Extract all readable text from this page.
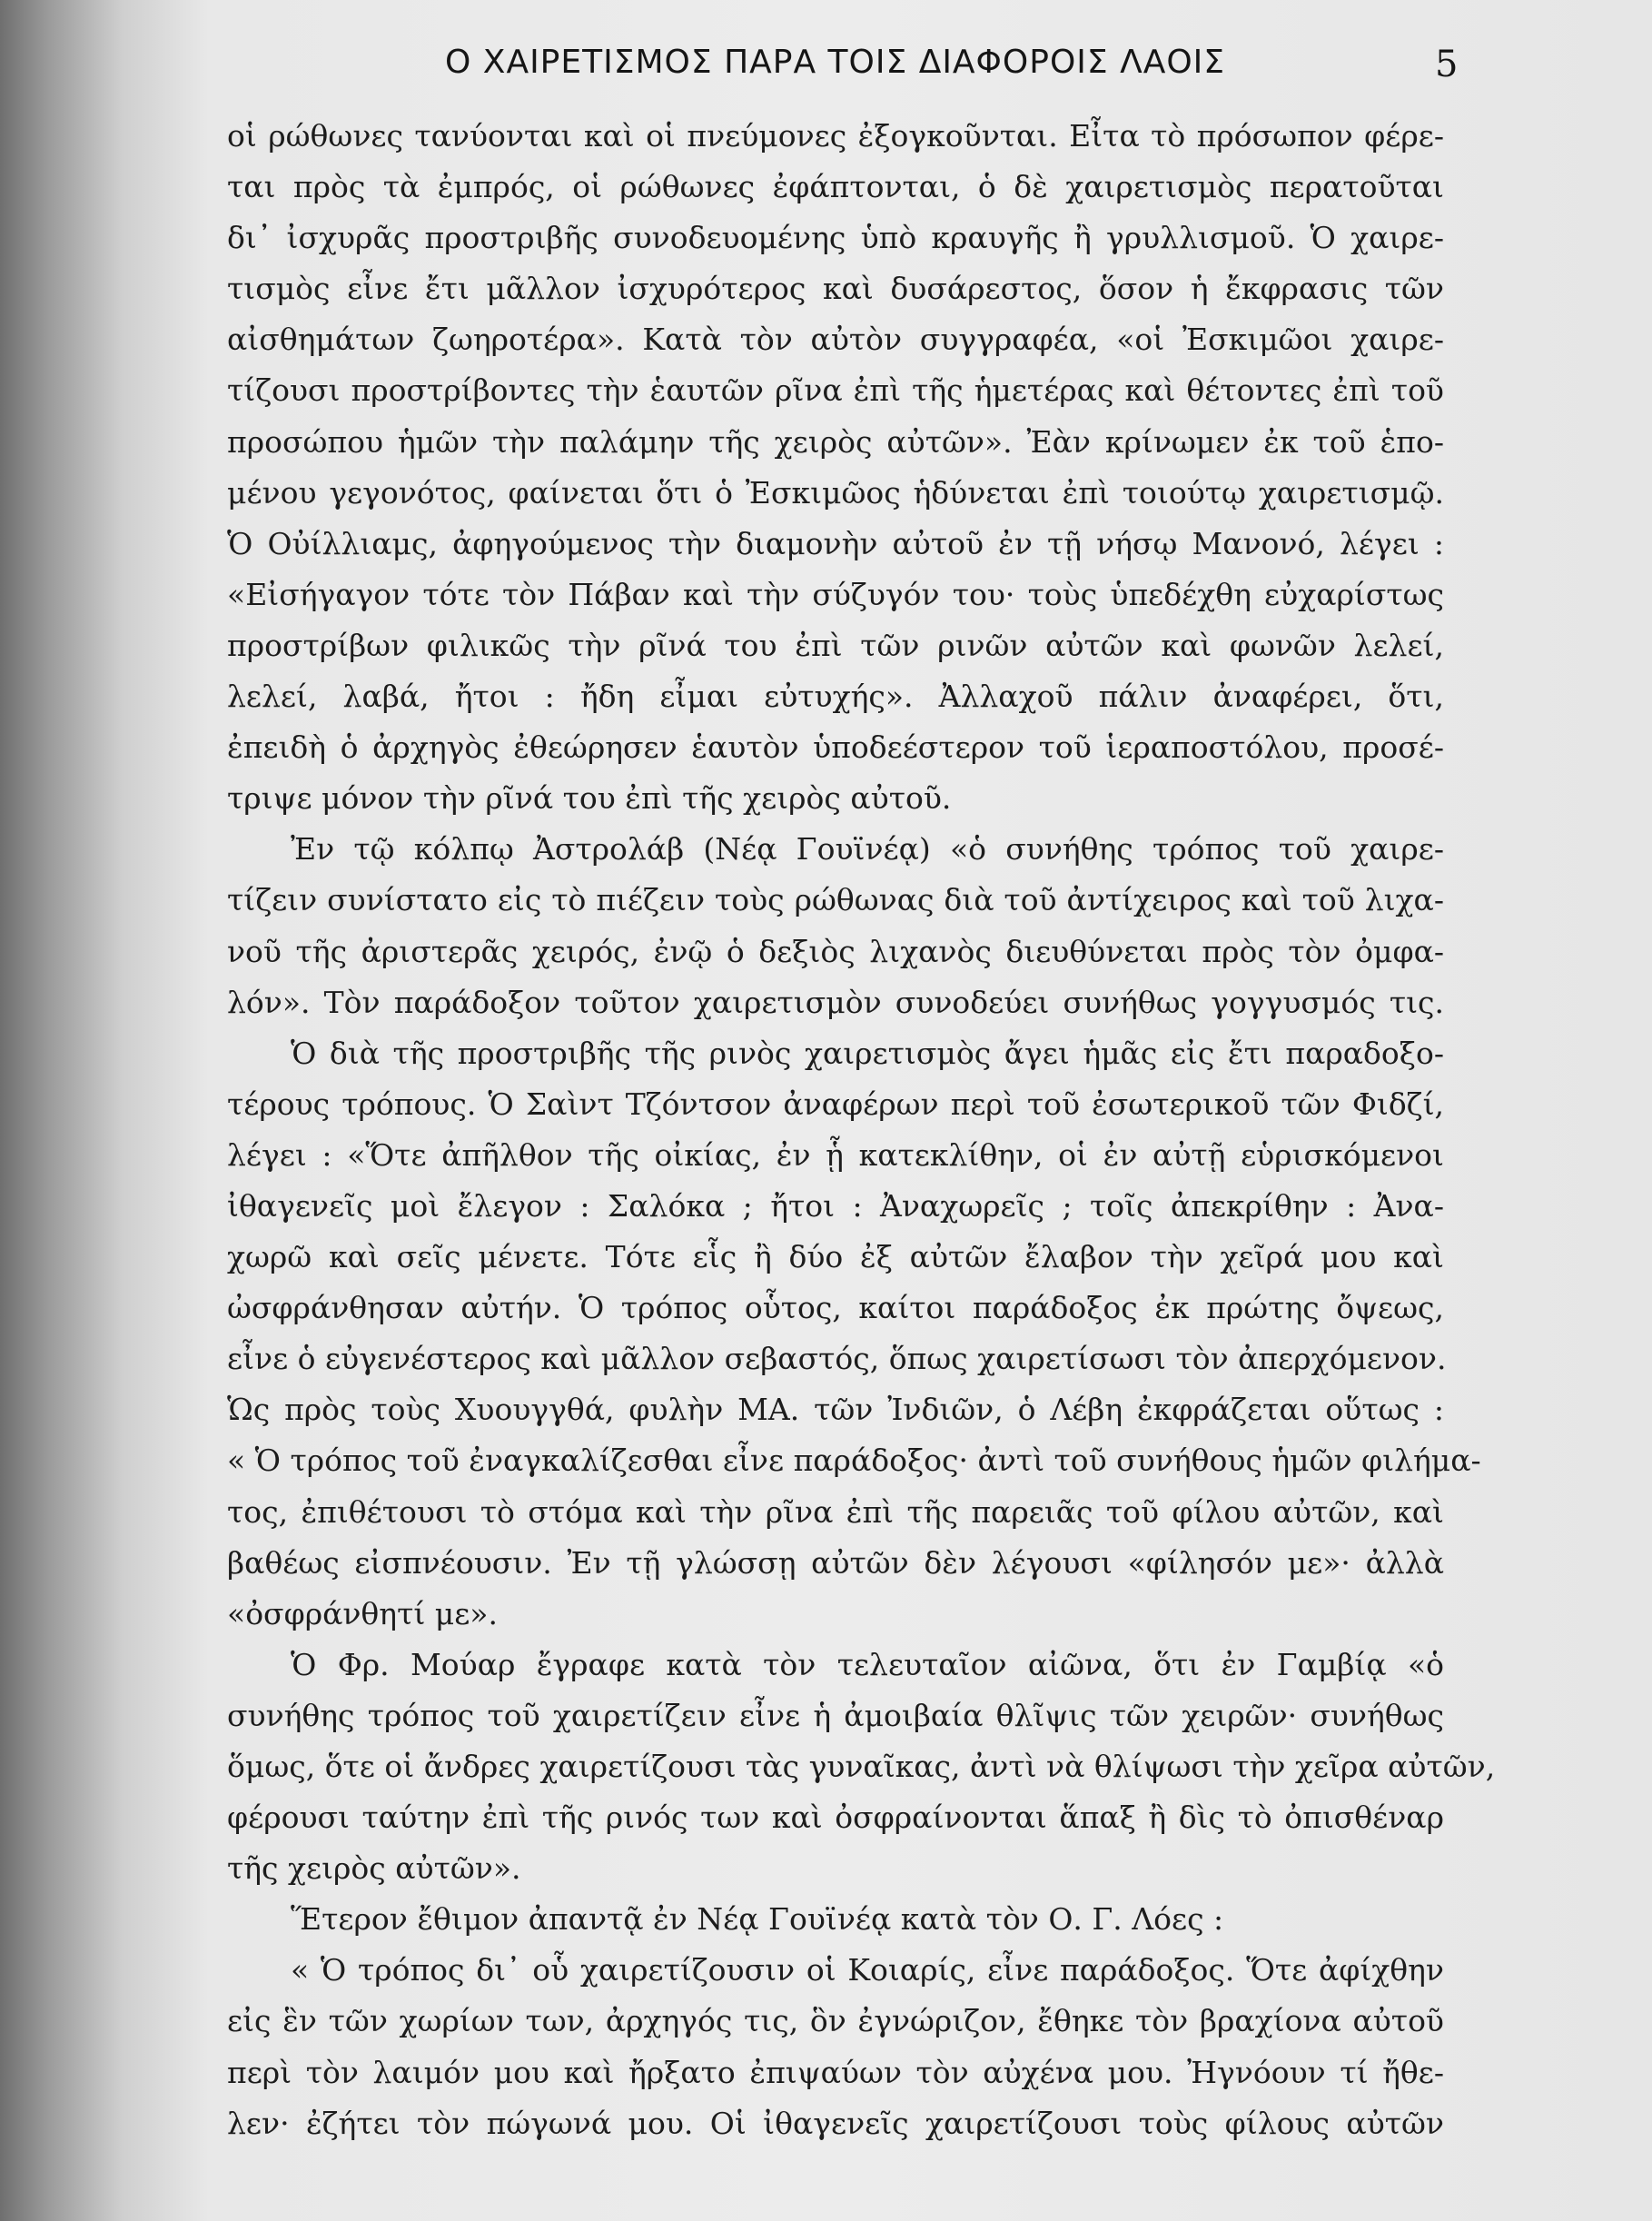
Ο ΧΑΙΡΕΤΙΣΜΟΣ ΠΑΡΑ ΤΟΙΣ ΔΙΑΦΟΡΟΙΣ ΛΑΟΙΣ	5
οἱ ρώθωνες τανύονται καὶ οἱ πνεύμονες ἐξογκοῦνται. Εἶτα τὸ πρόσωπον φέρε-
ται πρὸς τὰ ἐμπρός, οἱ ρώθωνες ἐφάπτονται, ὁ δὲ χαιρετισμὸς περατοῦται
δι᾽ ἰσχυρᾶς προστριβῆς συνοδευομένης ὑπὸ κραυγῆς ἢ γρυλλισμοῦ. Ὁ χαιρε-
τισμὸς εἶνε ἔτι μᾶλλον ἰσχυρότερος καὶ δυσάρεστος, ὅσον ἡ ἔκφρασις τῶν
αἰσθημάτων ζωηροτέρα». Κατὰ τὸν αὐτὸν συγγραφέα, «οἱ Ἐσκιμῶοι χαιρε-
τίζουσι προστρίβοντες τὴν ἑαυτῶν ρῖνα ἐπὶ τῆς ἡμετέρας καὶ θέτοντες ἐπὶ τοῦ
προσώπου ἡμῶν τὴν παλάμην τῆς χειρὸς αὐτῶν». Ἐὰν κρίνωμεν ἐκ τοῦ ἑπο-
μένου γεγονότος, φαίνεται ὅτι ὁ Ἐσκιμῶος ἡδύνεται ἐπὶ τοιούτῳ χαιρετισμῷ.
Ὁ Οὐίλλιαμς, ἀφηγούμενος τὴν διαμονὴν αὐτοῦ ἐν τῇ νήσῳ Μανονό, λέγει :
«Εἰσήγαγον τότε τὸν Πάβαν καὶ τὴν σύζυγόν του· τοὺς ὑπεδέχθη εὐχαρίστως
προστρίβων φιλικῶς τὴν ρῖνά του ἐπὶ τῶν ρινῶν αὐτῶν καὶ φωνῶν λελεί,
λελεί, λαβά, ἤτοι : ἤδη εἶμαι εὐτυχής». Ἀλλαχοῦ πάλιν ἀναφέρει, ὅτι,
ἐπειδὴ ὁ ἀρχηγὸς ἐθεώρησεν ἑαυτὸν ὑποδεέστερον τοῦ ἱεραποστόλου, προσέ-
τριψε μόνον τὴν ρῖνά του ἐπὶ τῆς χειρὸς αὐτοῦ.
Ἐν τῷ κόλπῳ Ἀστρολάβ (Νέᾳ Γουϊνέᾳ) «ὁ συνήθης τρόπος τοῦ χαιρε-
τίζειν συνίστατο εἰς τὸ πιέζειν τοὺς ρώθωνας διὰ τοῦ ἀντίχειρος καὶ τοῦ λιχα-
νοῦ τῆς ἀριστερᾶς χειρός, ἐνῷ ὁ δεξιὸς λιχανὸς διευθύνεται πρὸς τὸν ὀμφα-
λόν». Τὸν παράδοξον τοῦτον χαιρετισμὸν συνοδεύει συνήθως γογγυσμός τις.
Ὁ διὰ τῆς προστριβῆς τῆς ρινὸς χαιρετισμὸς ἄγει ἡμᾶς εἰς ἔτι παραδοξο-
τέρους τρόπους. Ὁ Σαὶντ Τζόντσον ἀναφέρων περὶ τοῦ ἐσωτερικοῦ τῶν Φιδζί,
λέγει : «Ὅτε ἀπῆλθον τῆς οἰκίας, ἐν ᾗ κατεκλίθην, οἱ ἐν αὐτῇ εὑρισκόμενοι
ἰθαγενεῖς μοὶ ἔλεγον : Σαλόκα ; ἤτοι : Ἀναχωρεῖς ; τοῖς ἀπεκρίθην : Ἀνα-
χωρῶ καὶ σεῖς μένετε. Τότε εἷς ἢ δύο ἐξ αὐτῶν ἔλαβον τὴν χεῖρά μου καὶ
ὠσφράνθησαν αὐτήν. Ὁ τρόπος οὗτος, καίτοι παράδοξος ἐκ πρώτης ὄψεως,
εἶνε ὁ εὐγενέστερος καὶ μᾶλλον σεβαστός, ὅπως χαιρετίσωσι τὸν ἀπερχόμενον.
Ὡς πρὸς τοὺς Χυουγγθά, φυλὴν ΜΑ. τῶν Ἰνδιῶν, ὁ Λέβη ἐκφράζεται οὕτως :
« Ὁ τρόπος τοῦ ἐναγκαλίζεσθαι εἶνε παράδοξος· ἀντὶ τοῦ συνήθους ἡμῶν φιλήμα-
τος, ἐπιθέτουσι τὸ στόμα καὶ τὴν ρῖνα ἐπὶ τῆς παρειᾶς τοῦ φίλου αὐτῶν, καὶ
βαθέως εἰσπνέουσιν. Ἐν τῇ γλώσσῃ αὐτῶν δὲν λέγουσι «φίλησόν με»· ἀλλὰ
«ὀσφράνθητί με».
Ὁ Φρ. Μούαρ ἔγραφε κατὰ τὸν τελευταῖον αἰῶνα, ὅτι ἐν Γαμβίᾳ «ὁ
συνήθης τρόπος τοῦ χαιρετίζειν εἶνε ἡ ἀμοιβαία θλῖψις τῶν χειρῶν· συνήθως
ὅμως, ὅτε οἱ ἄνδρες χαιρετίζουσι τὰς γυναῖκας, ἀντὶ νὰ θλίψωσι τὴν χεῖρα αὐτῶν,
φέρουσι ταύτην ἐπὶ τῆς ρινός των καὶ ὀσφραίνονται ἅπαξ ἢ δὶς τὸ ὀπισθέναρ
τῆς χειρὸς αὐτῶν».
Ἕτερον ἔθιμον ἀπαντᾷ ἐν Νέᾳ Γουϊνέᾳ κατὰ τὸν Ο. Γ. Λόες :
« Ὁ τρόπος δι᾽ οὗ χαιρετίζουσιν οἱ Κοιαρίς, εἶνε παράδοξος. Ὅτε ἀφίχθην
εἰς ἓν τῶν χωρίων των, ἀρχηγός τις, ὃν ἐγνώριζον, ἔθηκε τὸν βραχίονα αὐτοῦ
περὶ τὸν λαιμόν μου καὶ ἤρξατο ἐπιψαύων τὸν αὐχένα μου. Ἠγνόουν τί ἤθε-
λεν· ἐζήτει τὸν πώγωνά μου. Οἱ ἰθαγενεῖς χαιρετίζουσι τοὺς φίλους αὐτῶν
